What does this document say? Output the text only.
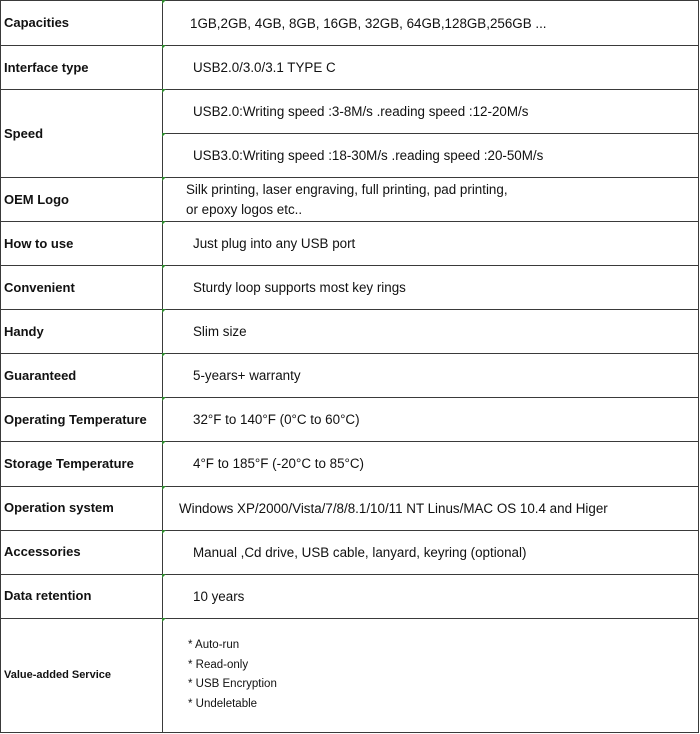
Capacities	1GB,2GB, 4GB, 8GB, 16GB, 32GB, 64GB,128GB,256GB ...

Interface type	USB2.0/3.0/3.1 TYPE C

Speed	USB2.0:Writing speed :3-8M/s .reading speed :12-20M/s

	USB3.0:Writing speed :18-30M/s .reading speed :20-50M/s

OEM Logo	Silk printing, laser engraving, full printing, pad printing,
or epoxy logos etc..

How to use	Just plug into any USB port

Convenient	Sturdy loop supports most key rings

Handy	Slim size

Guaranteed	5-years+ warranty

Operating Temperature	32°F to 140°F (0°C to 60°C)

Storage Temperature	4°F to 185°F (-20°C to 85°C)

Operation system	Windows XP/2000/Vista/7/8/8.1/10/11 NT Linus/MAC OS 10.4 and Higer

Accessories	Manual ,Cd drive, USB cable, lanyard, keyring (optional)

Data retention	10 years

Value-added Service	* Auto-run
* Read-only
* USB Encryption
* Undeletable
